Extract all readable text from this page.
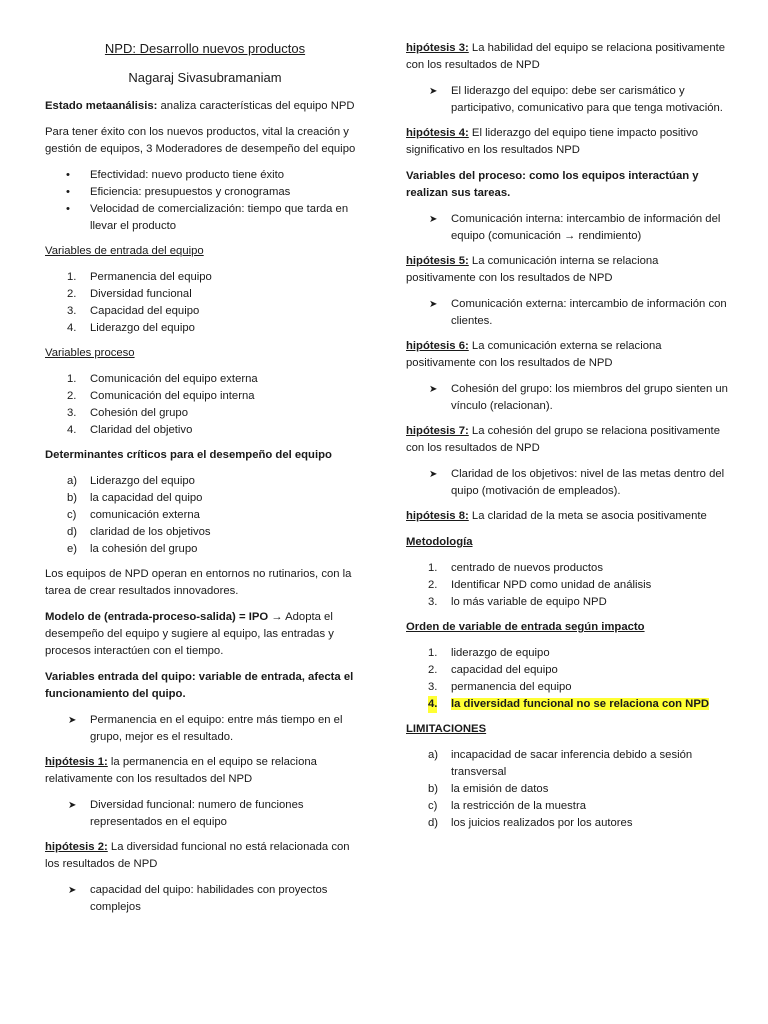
NPD: Desarrollo nuevos productos
Nagaraj Sivasubramaniam

Estado metaanálisis: analiza características del equipo NPD

Para tener éxito con los nuevos productos, vital la creación y gestión de equipos, 3 Moderadores de desempeño del equipo

• Efectividad: nuevo producto tiene éxito
• Eficiencia: presupuestos y cronogramas
• Velocidad de comercialización: tiempo que tarda en llevar el producto

Variables de entrada del equipo

1. Permanencia del equipo
2. Diversidad funcional
3. Capacidad del equipo
4. Liderazgo del equipo

Variables proceso

1. Comunicación del equipo externa
2. Comunicación del equipo interna
3. Cohesión del grupo
4. Claridad del objetivo

Determinantes críticos para el desempeño del equipo

a) Liderazgo del equipo
b) la capacidad del quipo
c) comunicación externa
d) claridad de los objetivos
e) la cohesión del grupo

Los equipos de NPD operan en entornos no rutinarios, con la tarea de crear resultados innovadores.

Modelo de (entrada-proceso-salida) = IPO → Adopta el desempeño del equipo y sugiere al equipo, las entradas y procesos interactúen con el tiempo.

Variables entrada del quipo: variable de entrada, afecta el funcionamiento del quipo.

➤ Permanencia en el equipo: entre más tiempo en el grupo, mejor es el resultado.

hipótesis 1: la permanencia en el equipo se relaciona relativamente con los resultados del NPD

➤ Diversidad funcional: numero de funciones representados en el equipo

hipótesis 2: La diversidad funcional no está relacionada con los resultados de NPD

➤ capacidad del quipo: habilidades con proyectos complejos

hipótesis 3: La habilidad del equipo se relaciona positivamente con los resultados de NPD

➤ El liderazgo del equipo: debe ser carismático y participativo, comunicativo para que tenga motivación.

hipótesis 4: El liderazgo del equipo tiene impacto positivo significativo en los resultados NPD

Variables del proceso: como los equipos interactúan y realizan sus tareas.

➤ Comunicación interna: intercambio de información del equipo (comunicación → rendimiento)

hipótesis 5: La comunicación interna se relaciona positivamente con los resultados de NPD

➤ Comunicación externa: intercambio de información con clientes.

hipótesis 6: La comunicación externa se relaciona positivamente con los resultados de NPD

➤ Cohesión del grupo: los miembros del grupo sienten un vínculo (relacionan).

hipótesis 7: La cohesión del grupo se relaciona positivamente con los resultados de NPD

➤ Claridad de los objetivos: nivel de las metas dentro del quipo (motivación de empleados).

hipótesis 8: La claridad de la meta se asocia positivamente

Metodología

1. centrado de nuevos productos
2. Identificar NPD como unidad de análisis
3. lo más variable de equipo NPD

Orden de variable de entrada según impacto

1. liderazgo de equipo
2. capacidad del equipo
3. permanencia del equipo
4. la diversidad funcional no se relaciona con NPD

LIMITACIONES

a) incapacidad de sacar inferencia debido a sesión transversal
b) la emisión de datos
c) la restricción de la muestra
d) los juicios realizados por los autores
